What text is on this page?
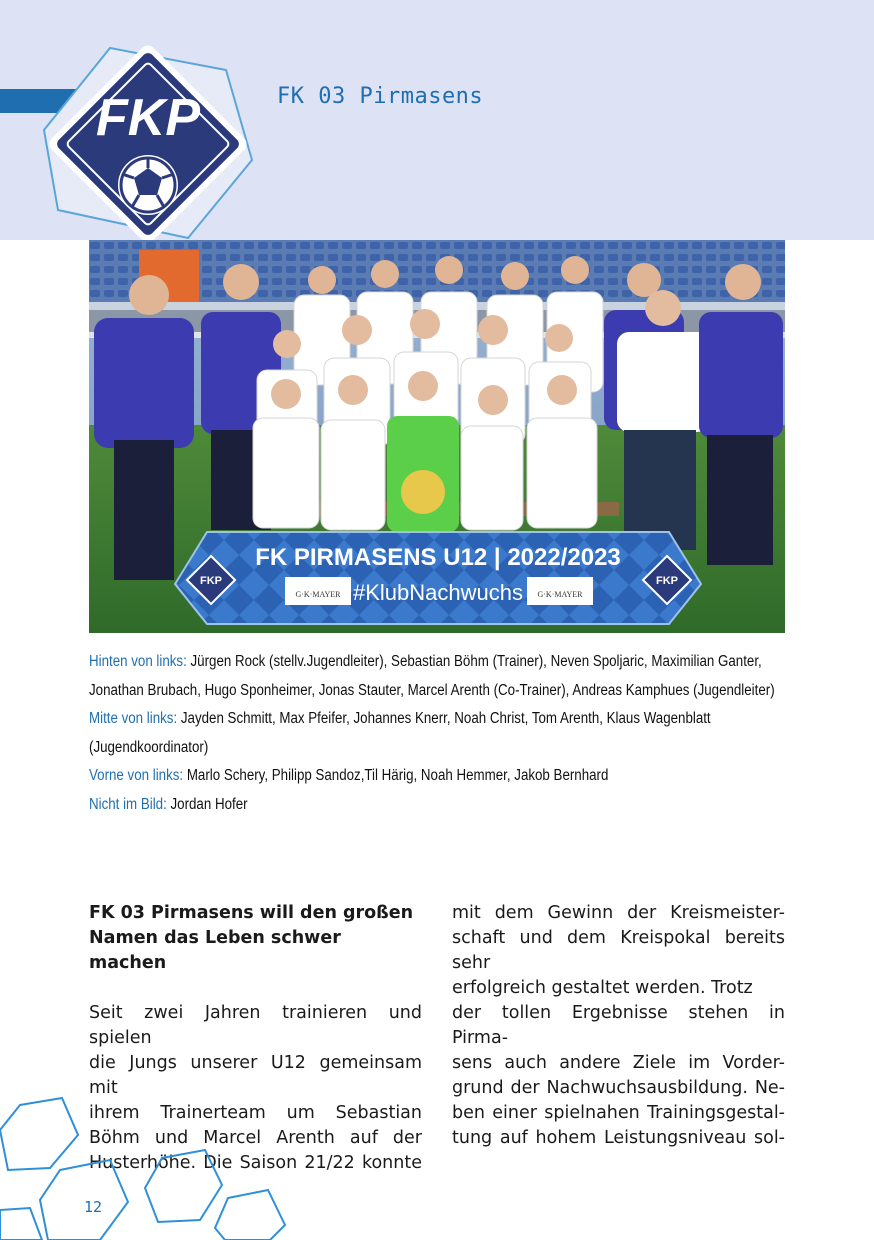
FKP	FK 03 Pirmasens
FK PIRMASENS U12 | 2022/2023
#KlubNachwuchs
G·K·MAYER	G·K·MAYER
FKP	FKP

Hinten von links: Jürgen Rock (stellv.Jugendleiter), Sebastian Böhm (Trainer), Neven Spoljaric, Maximilian Ganter, Jonathan Brubach, Hugo Sponheimer, Jonas Stauter, Marcel Arenth (Co-Trainer), Andreas Kamphues (Jugendleiter)

Mitte von links: Jayden Schmitt, Max Pfeifer, Johannes Knerr, Noah Christ, Tom Arenth, Klaus Wagenblatt (Jugendkoordinator)

Vorne von links: Marlo Schery, Philipp Sandoz,Til Härig, Noah Hemmer, Jakob Bernhard

Nicht im Bild: Jordan Hofer

FK 03 Pirmasens will den großen Namen das Leben schwer machen

Seit zwei Jahren trainieren und spielen
die Jungs unserer U12 gemeinsam mit
ihrem Trainerteam um Sebastian
Böhm und Marcel Arenth auf der
Husterhöhe. Die Saison 21/22 konnte

mit dem Gewinn der Kreismeister-
schaft und dem Kreispokal bereits sehr
erfolgreich gestaltet werden. Trotz
der tollen Ergebnisse stehen in Pirma-
sens auch andere Ziele im Vorder-
grund der Nachwuchsausbildung. Ne-
ben einer spielnahen Trainingsgestal-
tung auf hohem Leistungsniveau sol-

12
